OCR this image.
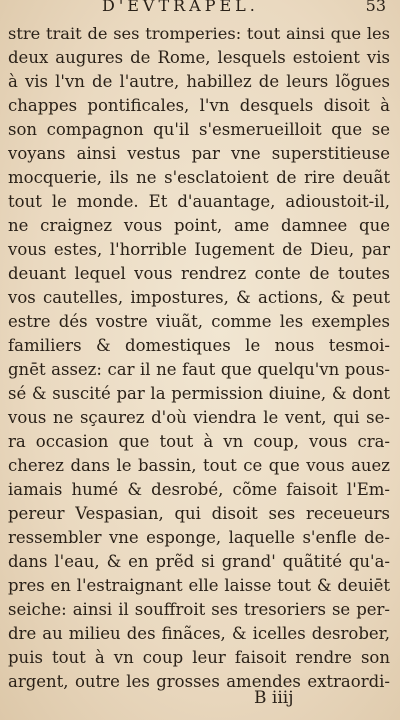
D'EVTRAPEL.	53
stre trait de ses tromperies: tout ainsi que les
deux augures de Rome, lesquels estoient vis
à vis l'vn de l'autre, habillez de leurs lõgues
chappes pontificales, l'vn desquels disoit à
son compagnon qu'il s'esmerueilloit que se
voyans ainsi vestus par vne superstitieuse
mocquerie, ils ne s'esclatoient de rire deuãt
tout le monde. Et d'auantage, adioustoit-il,
ne craignez vous point, ame damnee que
vous estes, l'horrible Iugement de Dieu, par
deuant lequel vous rendrez conte de toutes
vos cautelles, impostures, & actions, & peut
estre dés vostre viuãt, comme les exemples
familiers & domestiques le nous tesmoi-
gnēt assez: car il ne faut que quelqu'vn pous-
sé & suscité par la permission diuine, & dont
vous ne sçaurez d'où viendra le vent, qui se-
ra occasion que tout à vn coup, vous cra-
cherez dans le bassin, tout ce que vous auez
iamais humé & desrobé, cõme faisoit l'Em-
pereur Vespasian, qui disoit ses receueurs
ressembler vne esponge, laquelle s'enfle de-
dans l'eau, & en prẽd si grand' quãtité qu'a-
pres en l'estraignant elle laisse tout & deuiēt
seiche: ainsi il souffroit ses tresoriers se per-
dre au milieu des finãces, & icelles desrober,
puis tout à vn coup leur faisoit rendre son
argent, outre les grosses amendes extraordi-
B iiij
